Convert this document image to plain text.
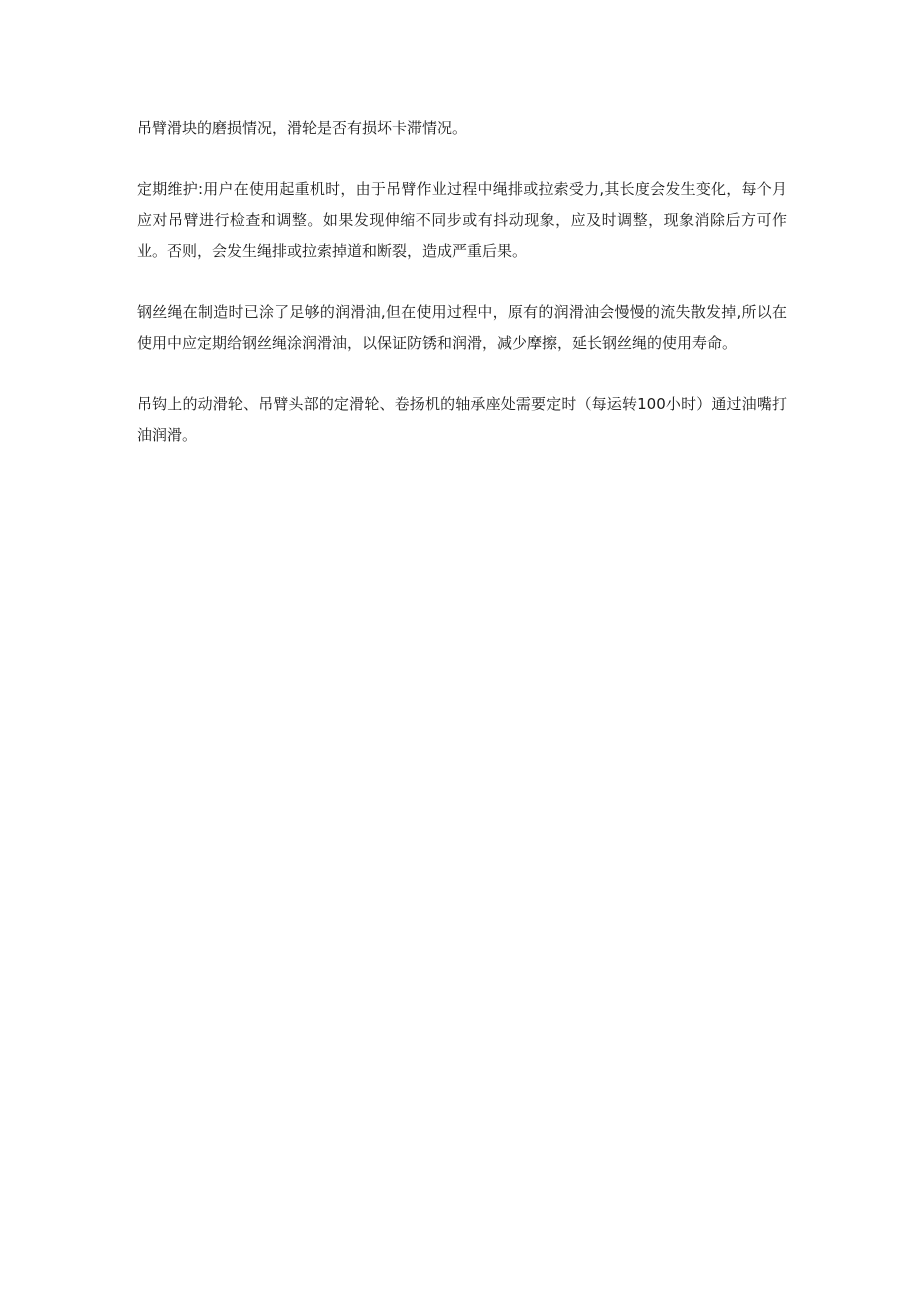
吊臂滑块的磨损情况，滑轮是否有损坏卡滞情况。

定期维护:用户在使用起重机时，由于吊臂作业过程中绳排或拉索受力,其长度会发生变化，每个月应对吊臂进行检查和调整。如果发现伸缩不同步或有抖动现象，应及时调整，现象消除后方可作业。否则，会发生绳排或拉索掉道和断裂，造成严重后果。

钢丝绳在制造时已涂了足够的润滑油,但在使用过程中，原有的润滑油会慢慢的流失散发掉,所以在使用中应定期给钢丝绳涂润滑油，以保证防锈和润滑，减少摩擦，延长钢丝绳的使用寿命。

吊钩上的动滑轮、吊臂头部的定滑轮、卷扬机的轴承座处需要定时（每运转100小时）通过油嘴打油润滑。
